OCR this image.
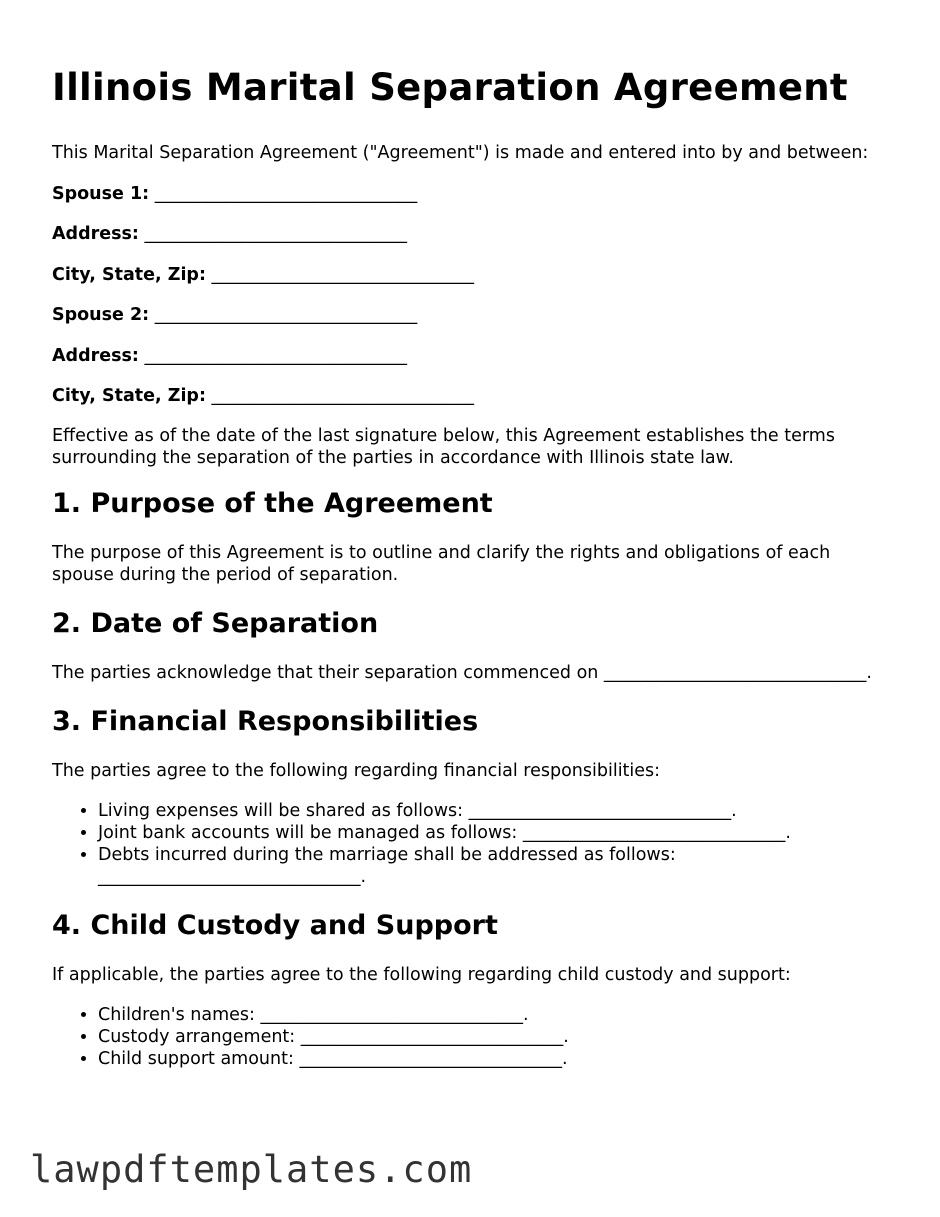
Illinois Marital Separation Agreement

This Marital Separation Agreement ("Agreement") is made and entered into by and between:

Spouse 1: ______________________________
Address: ______________________________
City, State, Zip: ______________________________
Spouse 2: ______________________________
Address: ______________________________
City, State, Zip: ______________________________

Effective as of the date of the last signature below, this Agreement establishes the terms surrounding the separation of the parties in accordance with Illinois state law.

1. Purpose of the Agreement

The purpose of this Agreement is to outline and clarify the rights and obligations of each spouse during the period of separation.

2. Date of Separation

The parties acknowledge that their separation commenced on ______________________________.

3. Financial Responsibilities

The parties agree to the following regarding financial responsibilities:

• Living expenses will be shared as follows: ______________________________.
• Joint bank accounts will be managed as follows: ______________________________.
• Debts incurred during the marriage shall be addressed as follows: ______________________________.
4. Child Custody and Support

If applicable, the parties agree to the following regarding child custody and support:

• Children's names: ______________________________.
• Custody arrangement: ______________________________.
• Child support amount: ______________________________.
lawpdftemplates.com
